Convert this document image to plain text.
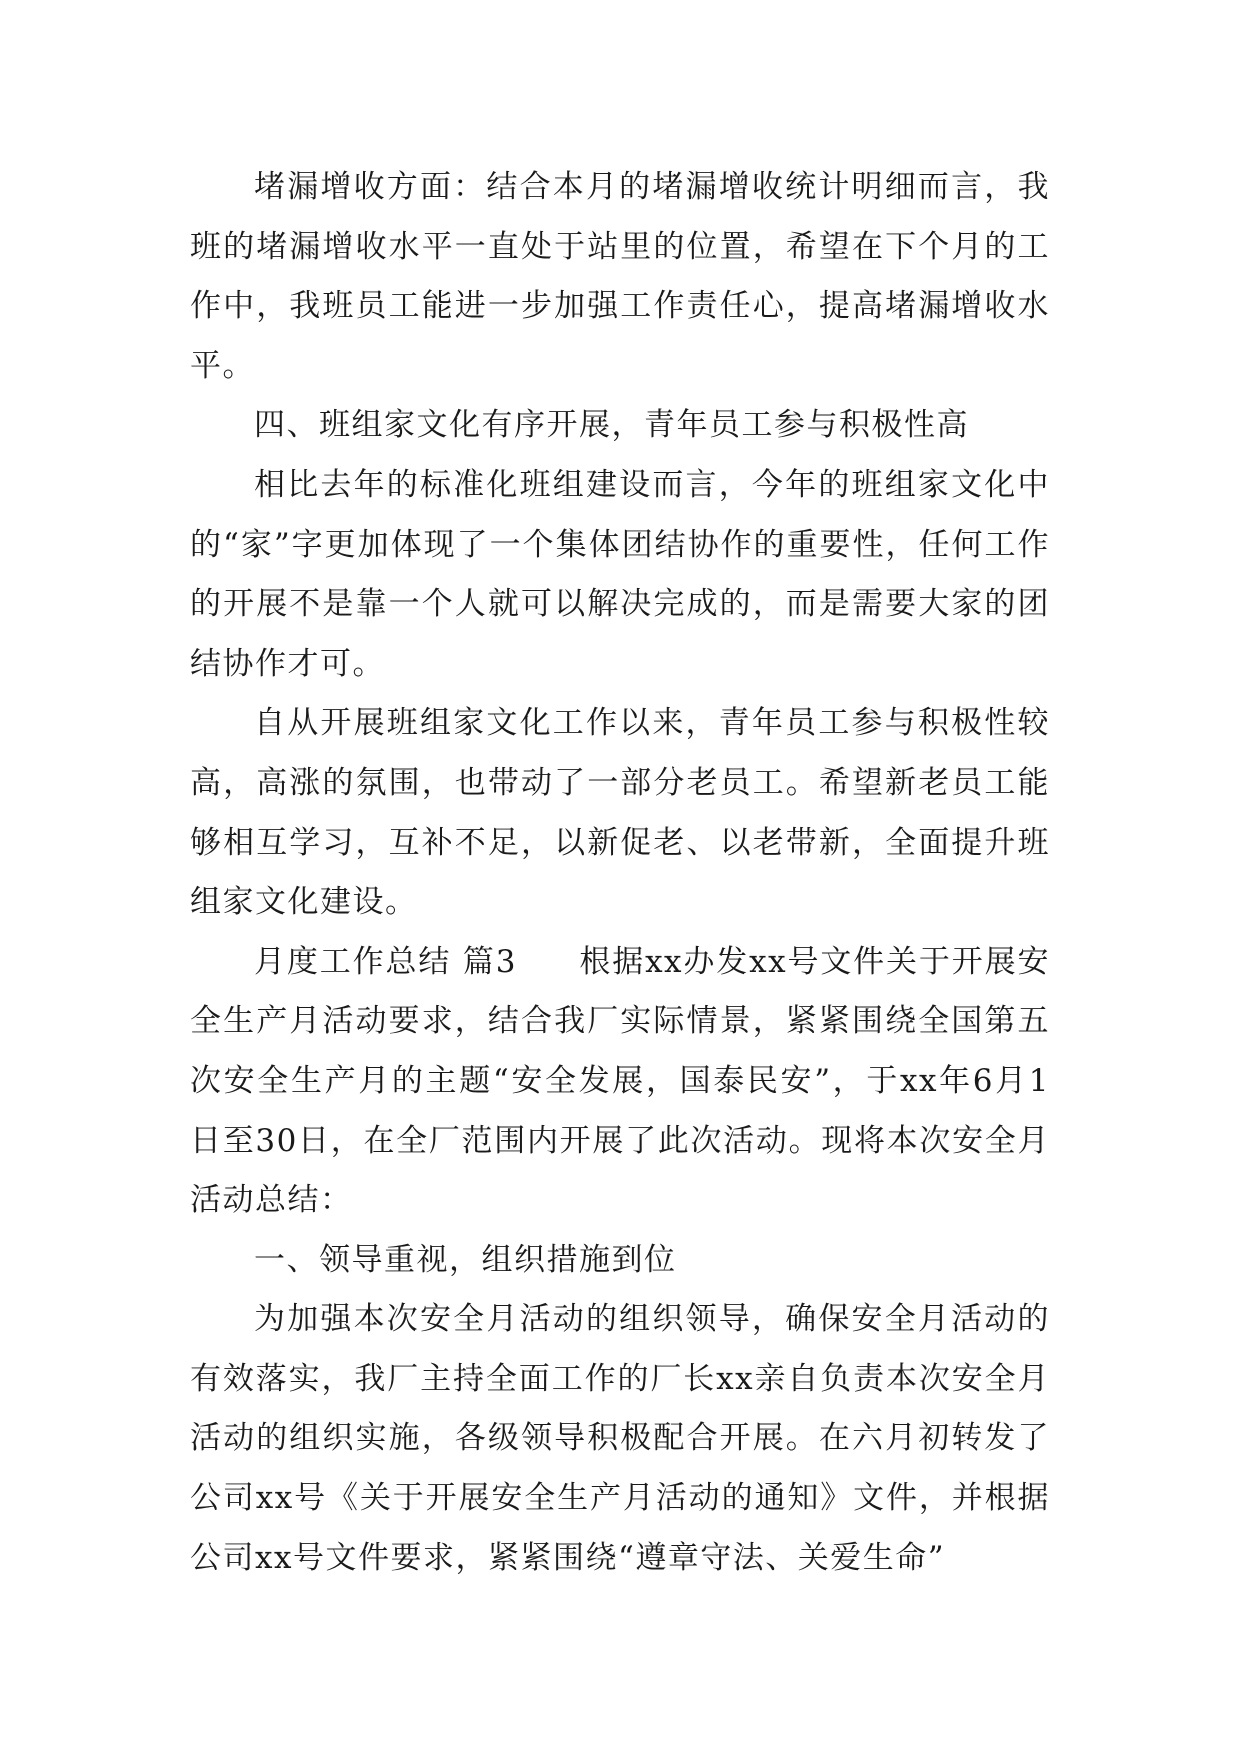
堵漏增收方面：结合本月的堵漏增收统计明细而言，我班的堵漏增收水平一直处于站里的位置，希望在下个月的工作中，我班员工能进一步加强工作责任心，提高堵漏增收水平。

四、班组家文化有序开展，青年员工参与积极性高

相比去年的标准化班组建设而言，今年的班组家文化中的“家”字更加体现了一个集体团结协作的重要性，任何工作的开展不是靠一个人就可以解决完成的，而是需要大家的团结协作才可。

自从开展班组家文化工作以来，青年员工参与积极性较高，高涨的氛围，也带动了一部分老员工。希望新老员工能够相互学习，互补不足，以新促老、以老带新，全面提升班组家文化建设。

月度工作总结 篇3 根据xx办发xx号文件关于开展安全生产月活动要求，结合我厂实际情景，紧紧围绕全国第五次安全生产月的主题“安全发展，国泰民安”，于xx年6月1日至30日，在全厂范围内开展了此次活动。现将本次安全月活动总结：

一、领导重视，组织措施到位

为加强本次安全月活动的组织领导，确保安全月活动的有效落实，我厂主持全面工作的厂长xx亲自负责本次安全月活动的组织实施，各级领导积极配合开展。在六月初转发了公司xx号《关于开展安全生产月活动的通知》文件，并根据公司xx号文件要求，紧紧围绕“遵章守法、关爱生命”
